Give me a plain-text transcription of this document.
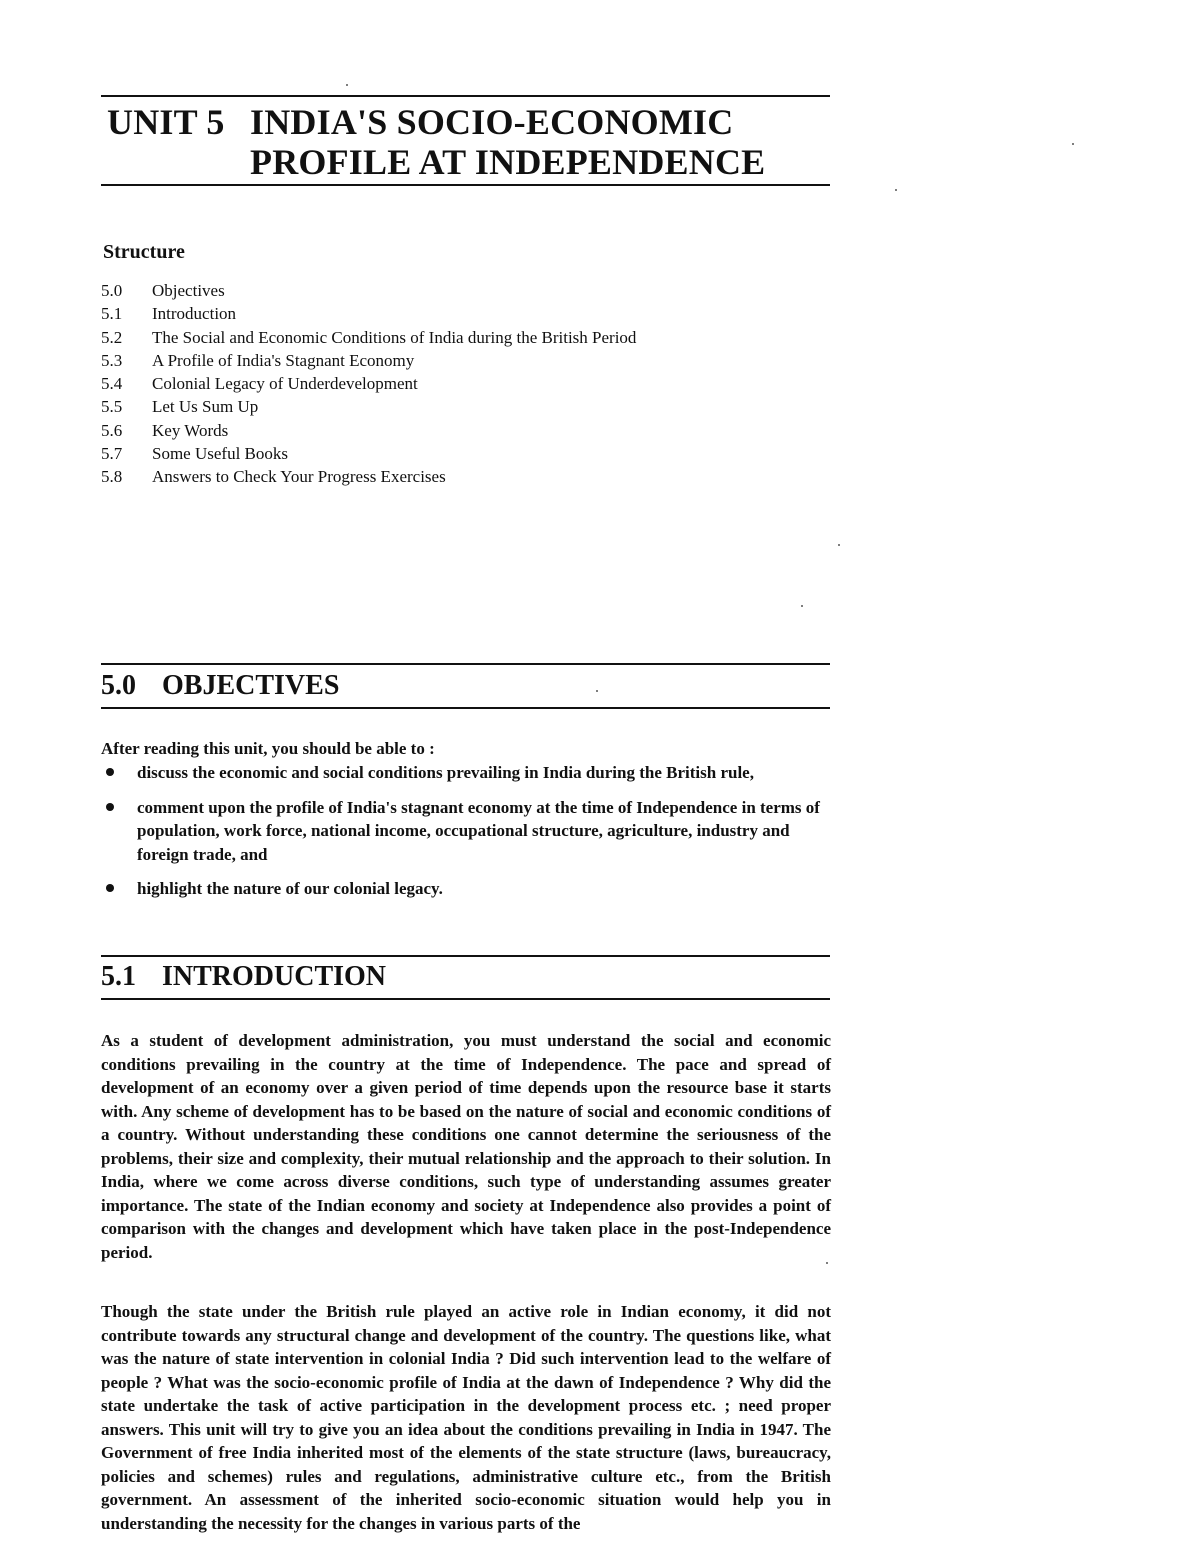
UNIT 5 INDIA'S SOCIO-ECONOMIC
PROFILE AT INDEPENDENCE
Structure
5.0 Objectives
5.1 Introduction
5.2 The Social and Economic Conditions of India during the British Period
5.3 A Profile of India's Stagnant Economy
5.4 Colonial Legacy of Underdevelopment
5.5 Let Us Sum Up
5.6 Key Words
5.7 Some Useful Books
5.8 Answers to Check Your Progress Exercises
5.0 OBJECTIVES
After reading this unit, you should be able to :
discuss the economic and social conditions prevailing in India during the British rule,
comment upon the profile of India's stagnant economy at the time of Independence in terms of population, work force, national income, occupational structure, agriculture, industry and foreign trade, and
highlight the nature of our colonial legacy.
5.1 INTRODUCTION

As a student of development administration, you must understand the social and economic conditions prevailing in the country at the time of Independence. The pace and spread of development of an economy over a given period of time depends upon the resource base it starts with. Any scheme of development has to be based on the nature of social and economic conditions of a country. Without understanding these conditions one cannot determine the seriousness of the problems, their size and complexity, their mutual relationship and the approach to their solution. In India, where we come across diverse conditions, such type of understanding assumes greater importance. The state of the Indian economy and society at Independence also provides a point of comparison with the changes and development which have taken place in the post-Independence period.

Though the state under the British rule played an active role in Indian economy, it did not contribute towards any structural change and development of the country. The questions like, what was the nature of state intervention in colonial India ? Did such intervention lead to the welfare of people ? What was the socio-economic profile of India at the dawn of Independence ? Why did the state undertake the task of active participation in the development process etc. ; need proper answers. This unit will try to give you an idea about the conditions prevailing in India in 1947. The Government of free India inherited most of the elements of the state structure (laws, bureaucracy, policies and schemes) rules and regulations, administrative culture etc., from the British government. An assessment of the inherited socio-economic situation would help you in understanding the necessity for the changes in various parts of the
